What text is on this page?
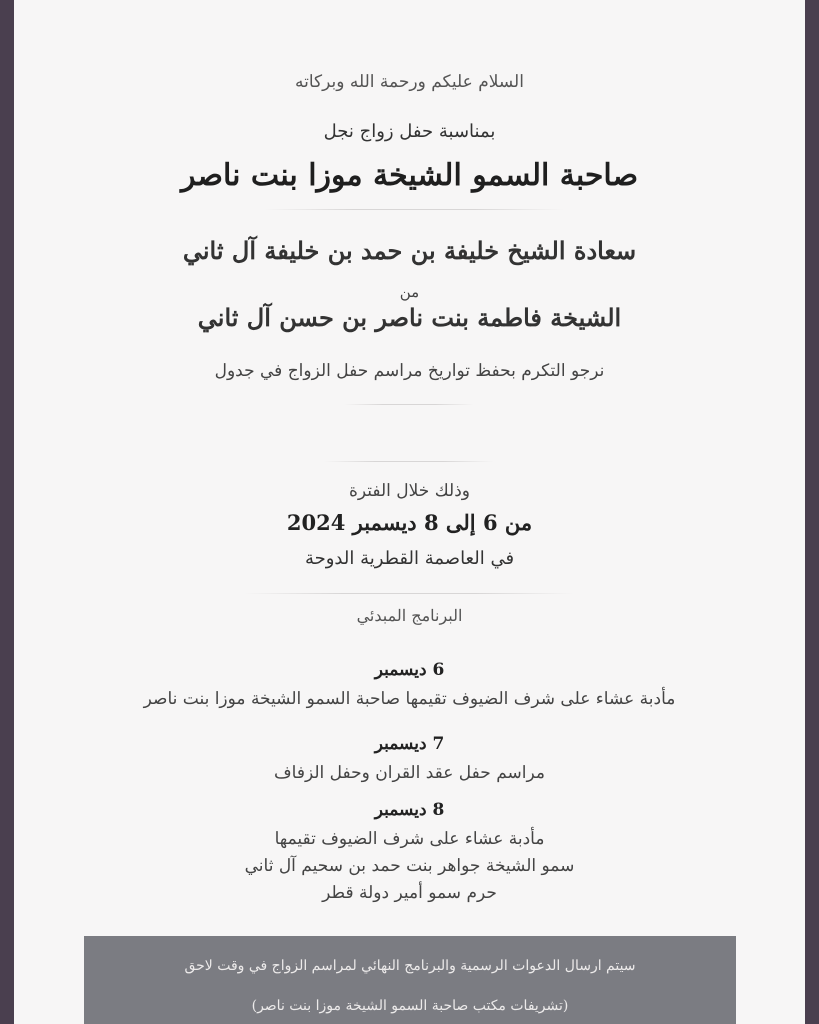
السلام عليكم ورحمة الله وبركاته
بمناسبة حفل زواج نجل
صاحبة السمو الشيخة موزا بنت ناصر
سعادة الشيخ خليفة بن حمد بن خليفة آل ثاني
من
الشيخة فاطمة بنت ناصر بن حسن آل ثاني
نرجو التكرم بحفظ تواريخ مراسم حفل الزواج في جدول
وذلك خلال الفترة
من 6 إلى 8 ديسمبر 2024
في العاصمة القطرية الدوحة
البرنامج المبدئي
6 ديسمبر
مأدبة عشاء على شرف الضيوف تقيمها صاحبة السمو الشيخة موزا بنت ناصر
7 ديسمبر
مراسم حفل عقد القران وحفل الزفاف
8 ديسمبر
مأدبة عشاء على شرف الضيوف تقيمها
سمو الشيخة جواهر بنت حمد بن سحيم آل ثاني
حرم سمو أمير دولة قطر
سيتم ارسال الدعوات الرسمية والبرنامج النهائي لمراسم الزواج في وقت لاحق
(تشريفات مكتب صاحبة السمو الشيخة موزا بنت ناصر)
